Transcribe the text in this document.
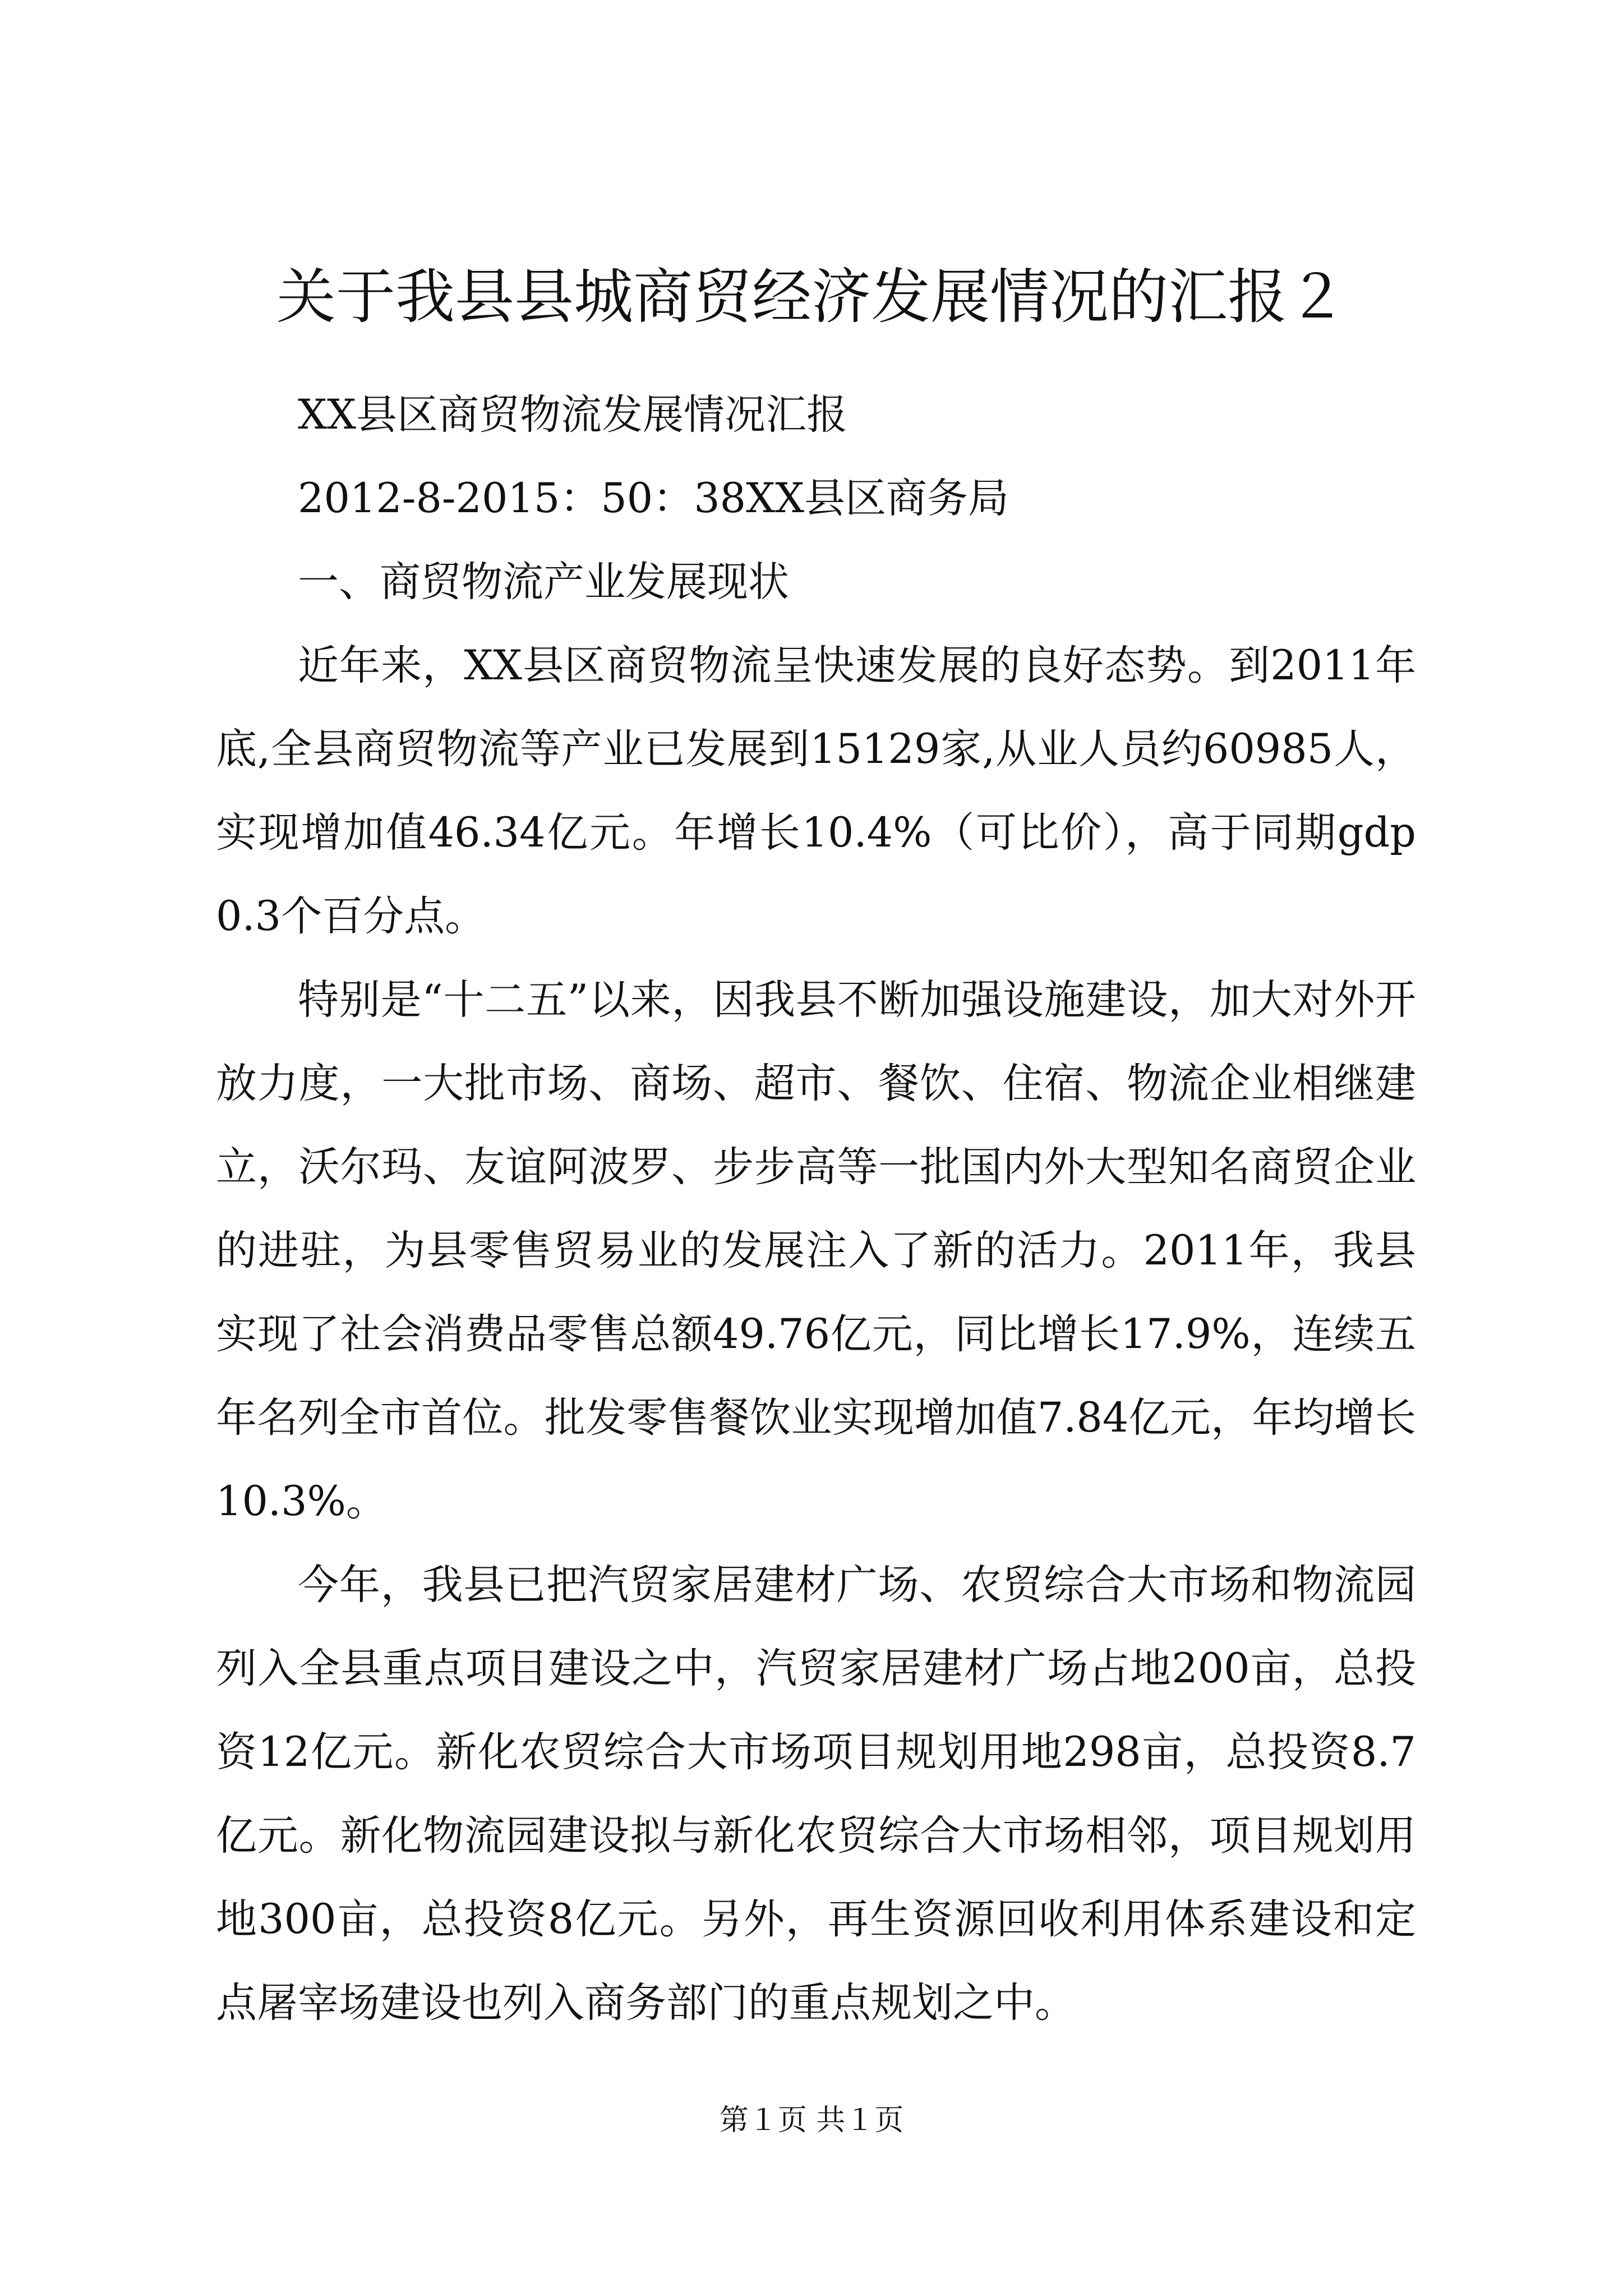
关于我县县城商贸经济发展情况的汇报２

XX县区商贸物流发展情况汇报

2012-8-2015：50：38XX县区商务局

一、商贸物流产业发展现状

近年来，XX县区商贸物流呈快速发展的良好态势。到2011年底,全县商贸物流等产业已发展到15129家,从业人员约60985人，实现增加值46.34亿元。年增长10.4%（可比价），高于同期gdp0.3个百分点。

特别是“十二五”以来，因我县不断加强设施建设，加大对外开放力度，一大批市场、商场、超市、餐饮、住宿、物流企业相继建立，沃尔玛、友谊阿波罗、步步高等一批国内外大型知名商贸企业的进驻，为县零售贸易业的发展注入了新的活力。2011年，我县实现了社会消费品零售总额49.76亿元，同比增长17.9%，连续五年名列全市首位。批发零售餐饮业实现增加值7.84亿元，年均增长10.3%。

今年，我县已把汽贸家居建材广场、农贸综合大市场和物流园列入全县重点项目建设之中，汽贸家居建材广场占地200亩，总投资12亿元。新化农贸综合大市场项目规划用地298亩，总投资8.7亿元。新化物流园建设拟与新化农贸综合大市场相邻，项目规划用地300亩，总投资8亿元。另外，再生资源回收利用体系建设和定点屠宰场建设也列入商务部门的重点规划之中。

第１页 共１页
